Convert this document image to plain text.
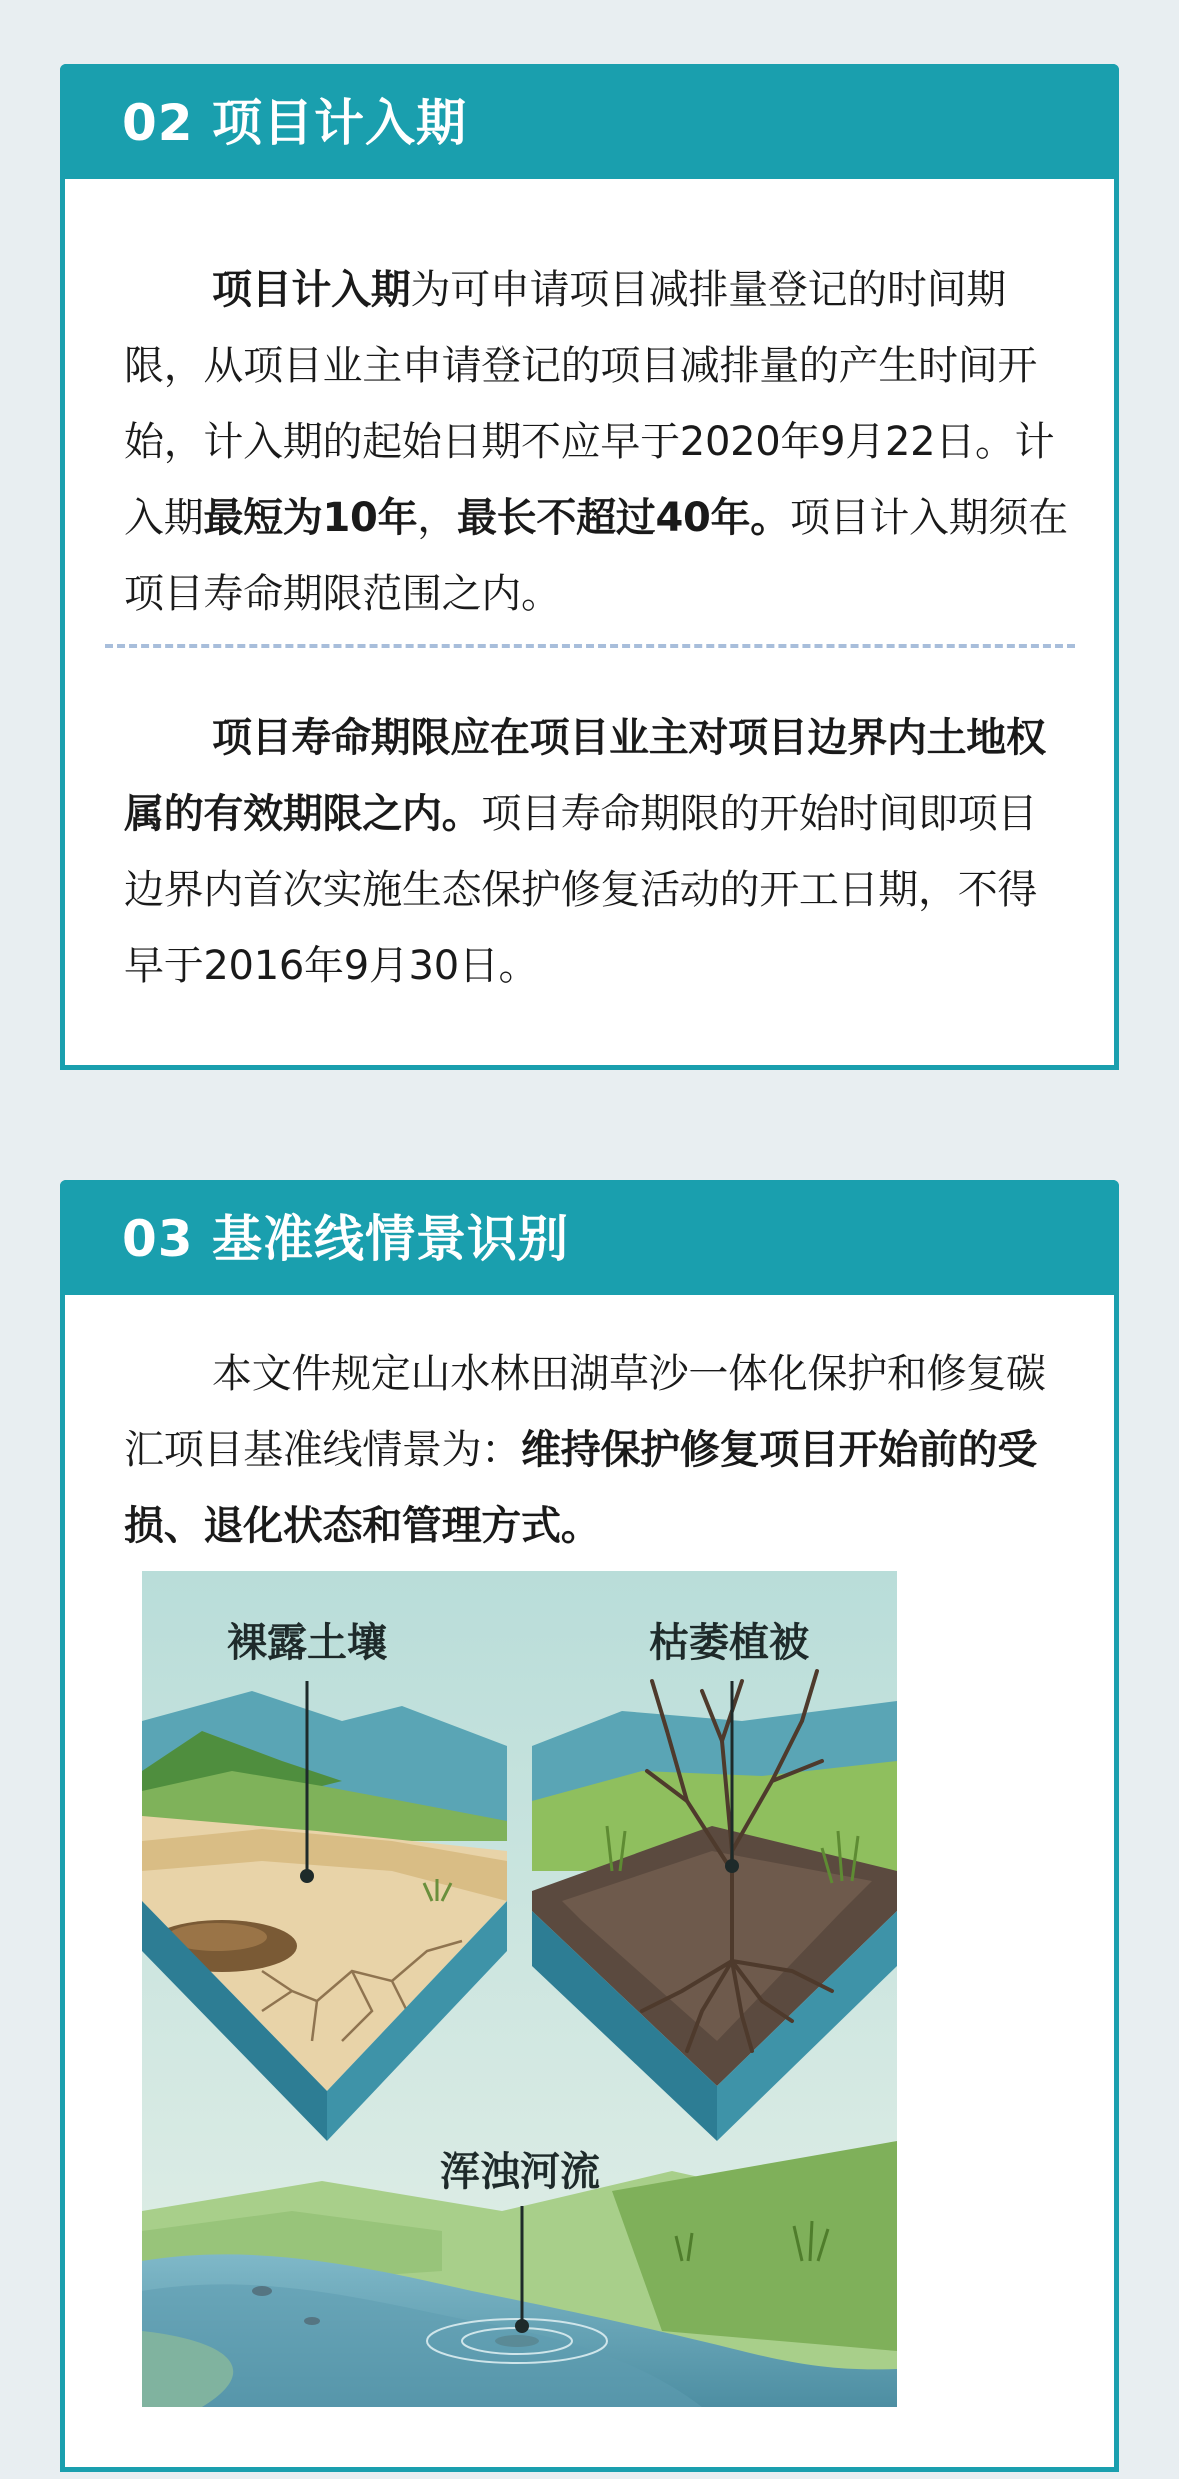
02 项目计入期

项目计入期为可申请项目减排量登记的时间期限，从项目业主申请登记的项目减排量的产生时间开始，计入期的起始日期不应早于2020年9月22日。计入期最短为10年，最长不超过40年。项目计入期须在项目寿命期限范围之内。

项目寿命期限应在项目业主对项目边界内土地权属的有效期限之内。项目寿命期限的开始时间即项目边界内首次实施生态保护修复活动的开工日期，不得早于2016年9月30日。

03 基准线情景识别

本文件规定山水林田湖草沙一体化保护和修复碳汇项目基准线情景为：维持保护修复项目开始前的受损、退化状态和管理方式。

裸露土壤	枯萎植被
浑浊河流
